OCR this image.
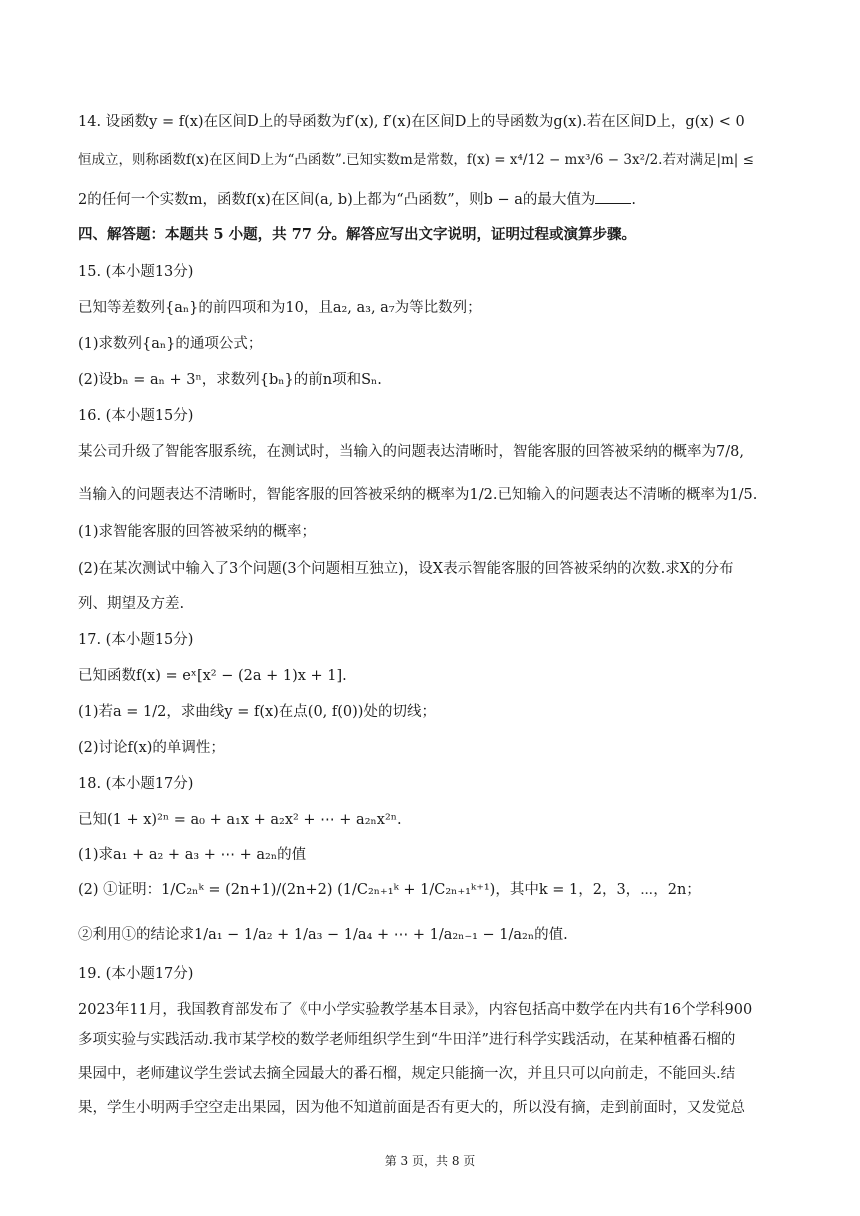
14. 设函数y = f(x)在区间D上的导函数为f′(x), f′(x)在区间D上的导函数为g(x).若在区间D上，g(x) < 0
恒成立，则称函数f(x)在区间D上为“凸函数”.已知实数m是常数，f(x) = x⁴/12 − mx³/6 − 3x²/2.若对满足|m| ≤
2的任何一个实数m，函数f(x)在区间(a, b)上都为“凸函数”，则b − a的最大值为 .
四、解答题：本题共 5 小题，共 77 分。解答应写出文字说明，证明过程或演算步骤。
15. (本小题13分)
已知等差数列{aₙ}的前四项和为10，且a₂, a₃, a₇为等比数列；
(1)求数列{aₙ}的通项公式；
(2)设bₙ = aₙ + 3ⁿ，求数列{bₙ}的前n项和Sₙ.
16. (本小题15分)
某公司升级了智能客服系统，在测试时，当输入的问题表达清晰时，智能客服的回答被采纳的概率为7/8,
当输入的问题表达不清晰时，智能客服的回答被采纳的概率为1/2.已知输入的问题表达不清晰的概率为1/5.
(1)求智能客服的回答被采纳的概率；
(2)在某次测试中输入了3个问题(3个问题相互独立)，设X表示智能客服的回答被采纳的次数.求X的分布
列、期望及方差.
17. (本小题15分)
已知函数f(x) = eˣ[x² − (2a + 1)x + 1].
(1)若a = 1/2，求曲线y = f(x)在点(0, f(0))处的切线；
(2)讨论f(x)的单调性；
18. (本小题17分)
已知(1 + x)²ⁿ = a₀ + a₁x + a₂x² + ⋯ + a₂ₙx²ⁿ.
(1)求a₁ + a₂ + a₃ + ⋯ + a₂ₙ的值
(2) ①证明：1/C₂ₙᵏ = (2n+1)/(2n+2) (1/C₂ₙ₊₁ᵏ + 1/C₂ₙ₊₁ᵏ⁺¹)，其中k = 1，2，3，⋯，2n；
②利用①的结论求1/a₁ − 1/a₂ + 1/a₃ − 1/a₄ + ⋯ + 1/a₂ₙ₋₁ − 1/a₂ₙ的值.
19. (本小题17分)
2023年11月，我国教育部发布了《中小学实验教学基本目录》，内容包括高中数学在内共有16个学科900
多项实验与实践活动.我市某学校的数学老师组织学生到“牛田洋”进行科学实践活动，在某种植番石榴的
果园中，老师建议学生尝试去摘全园最大的番石榴，规定只能摘一次，并且只可以向前走，不能回头.结
果，学生小明两手空空走出果园，因为他不知道前面是否有更大的，所以没有摘，走到前面时，又发觉总
第 3 页，共 8 页
